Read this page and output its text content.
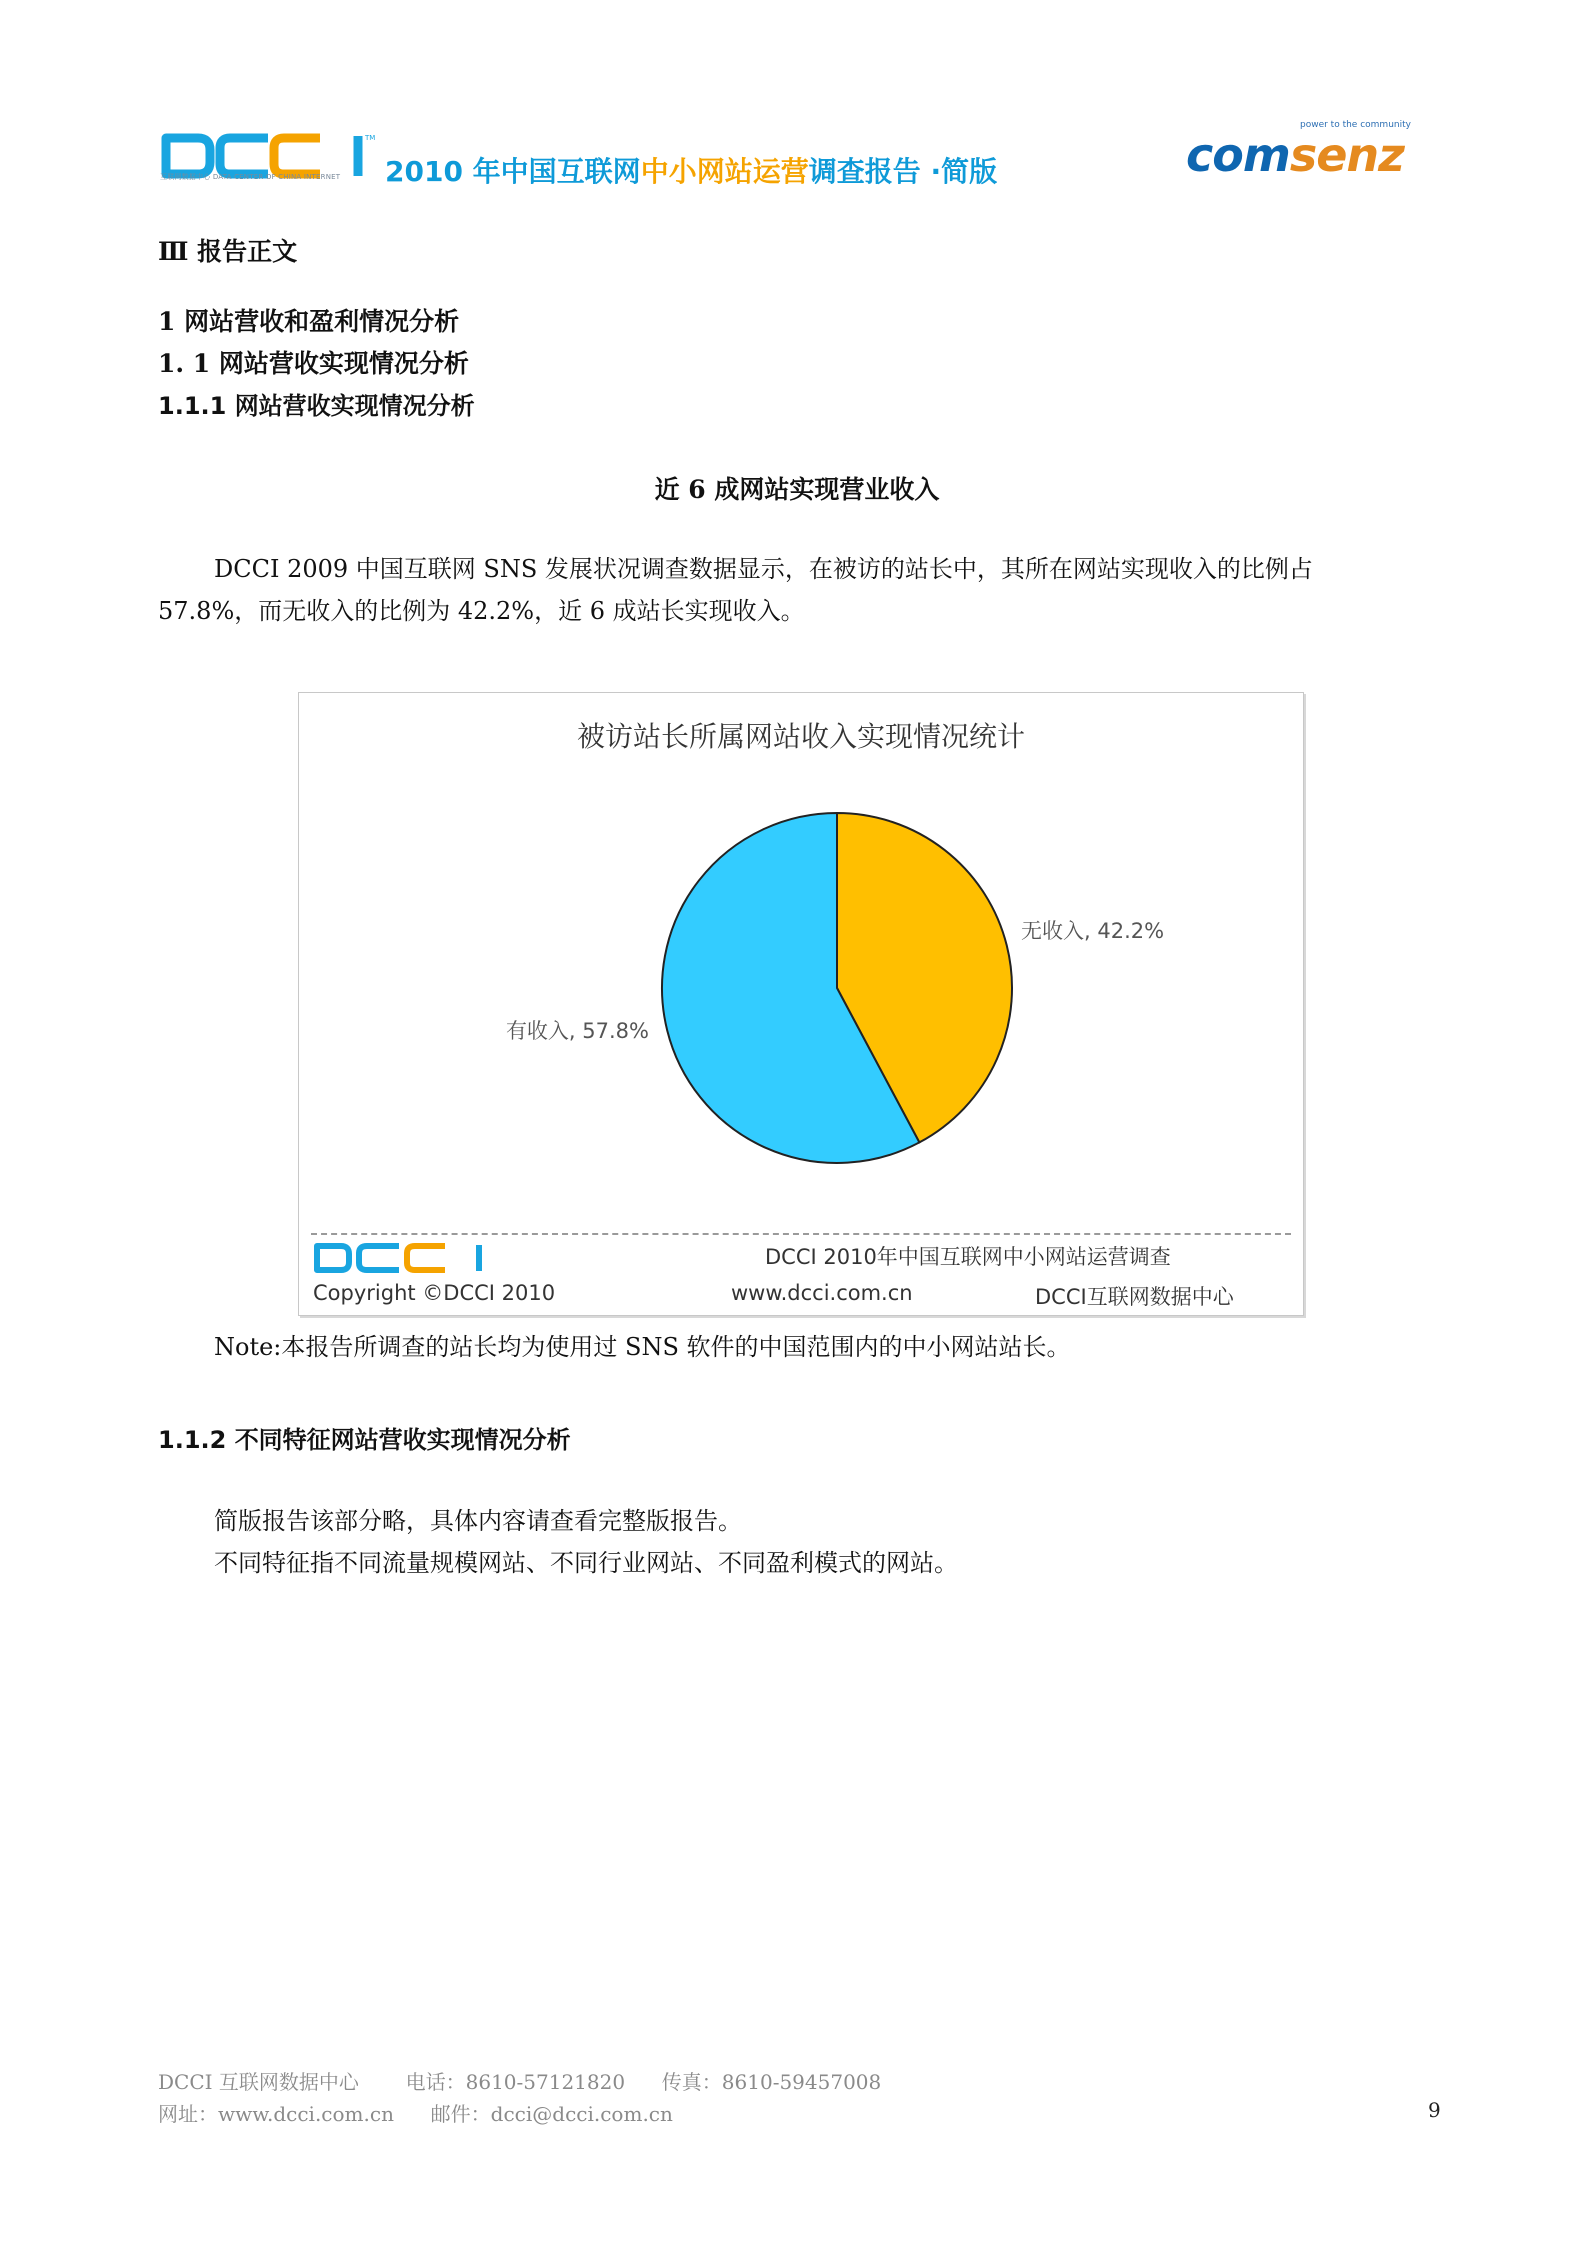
TM
互联网数据中心 DATA CENTER OF CHINA INTERNET	2010 年中国互联网中小网站运营调查报告 ·简版
power to the community
comsenz
Ⅲ 报告正文
1 网站营收和盈利情况分析
1. 1 网站营收实现情况分析
1.1.1 网站营收实现情况分析
近 6 成网站实现营业收入
DCCI 2009 中国互联网 SNS 发展状况调查数据显示，在被访的站长中，其所在网站实现收入的比例占
57.8%，而无收入的比例为 42.2%，近 6 成站长实现收入。
被访站长所属网站收入实现情况统计
无收入, 42.2%
有收入, 57.8%
Copyright ©DCCI 2010
DCCI 2010年中国互联网中小网站运营调查
www.dcci.com.cn	DCCI互联网数据中心
Note:本报告所调查的站长均为使用过 SNS 软件的中国范围内的中小网站站长。
1.1.2 不同特征网站营收实现情况分析
简版报告该部分略，具体内容请查看完整版报告。
不同特征指不同流量规模网站、不同行业网站、不同盈利模式的网站。
DCCI 互联网数据中心 电话：8610-57121820 传真：8610-59457008
网址：www.dcci.com.cn 邮件：dcci@dcci.com.cn	9
